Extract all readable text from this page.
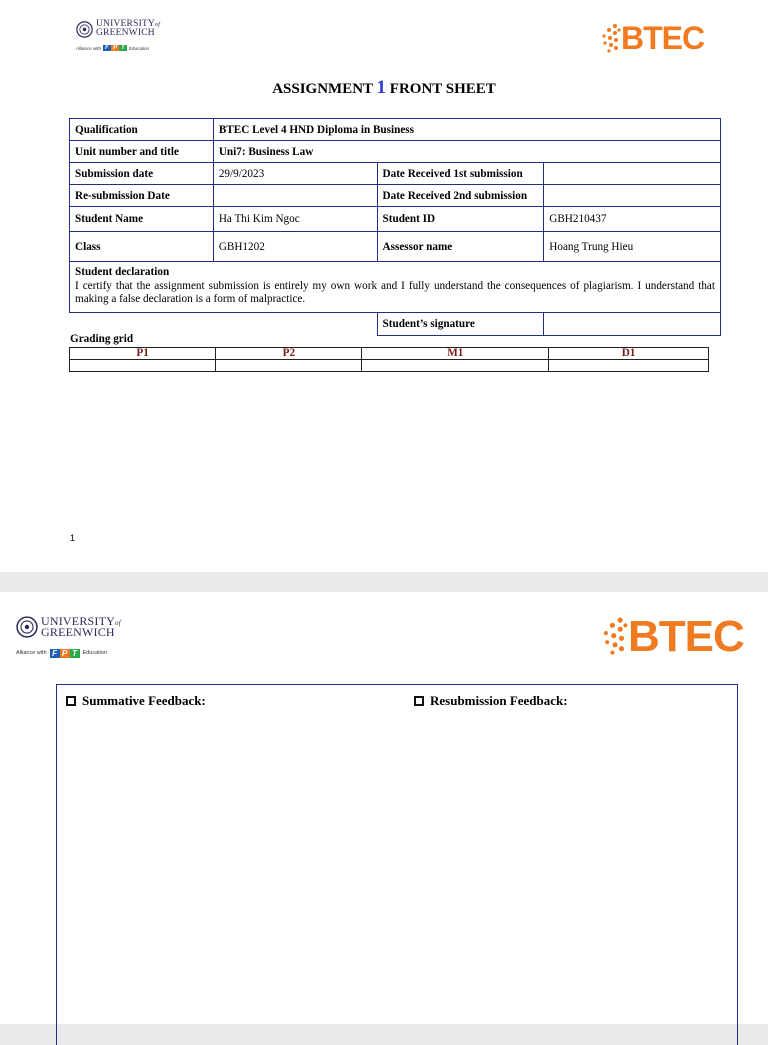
UNIVERSITYof
GREENWICH
Alliance with F P T Education	BTEC
ASSIGNMENT 1 FRONT SHEET
Qualification	BTEC Level 4 HND Diploma in Business		
Unit number and title	Uni7: Business Law		
Submission date	29/9/2023	Date Received 1st submission	
Re-submission Date		Date Received 2nd submission	
Student Name	Ha Thi Kim Ngoc	Student ID	GBH210437
Class	GBH1202	Assessor name	Hoang Trung Hieu

Student declaration
I certify that the assignment submission is entirely my own work and I fully understand the consequences of plagiarism. I understand that making a false declaration is a form of malpractice.			

		Student’s signature	
Grading grid
P1	P2	M1	D1

1
UNIVERSITYof
GREENWICH
Alliance with F P T	Education	BTEC
Summative Feedback:	Resubmission Feedback:
